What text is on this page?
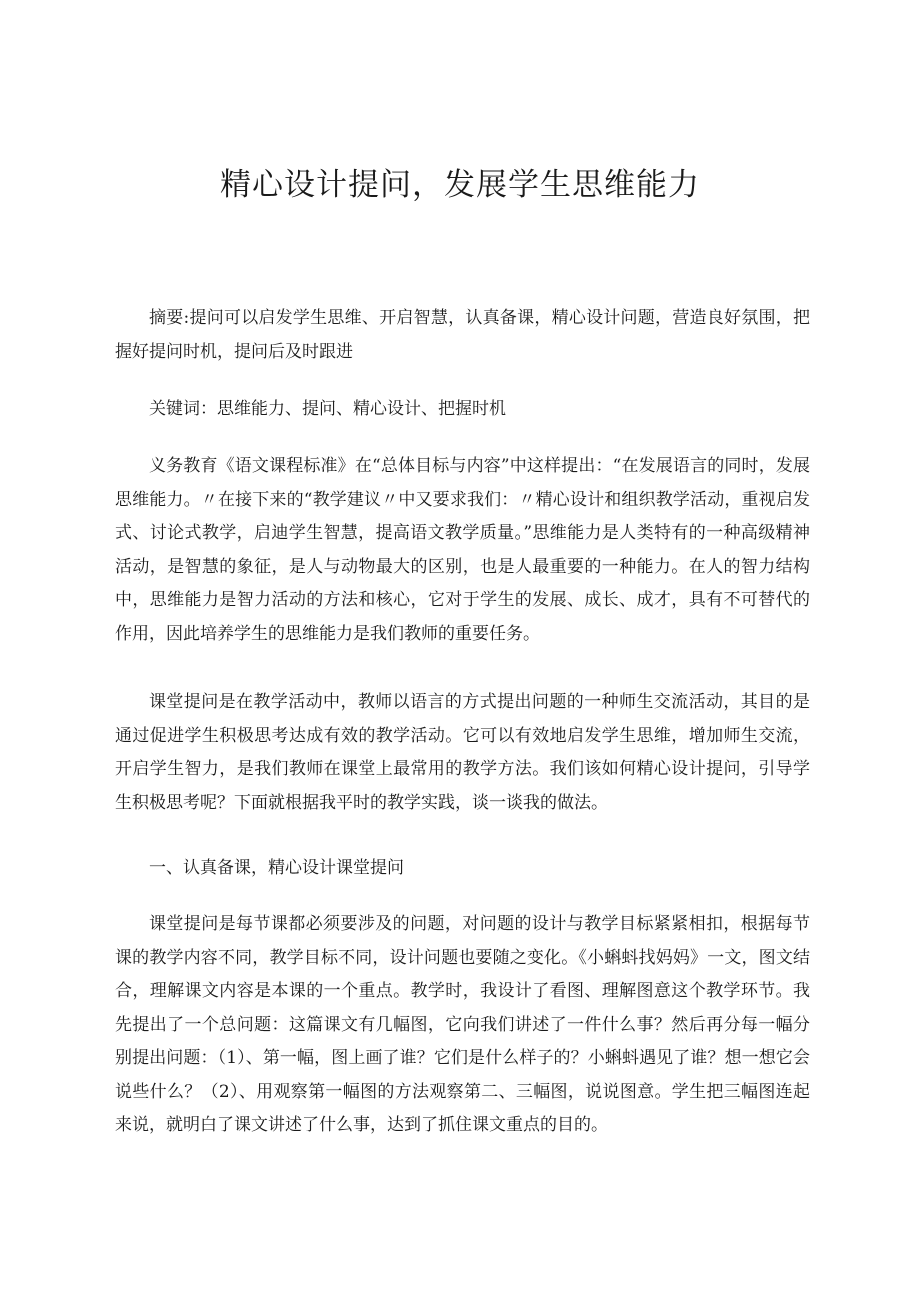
精心设计提问，发展学生思维能力

摘要:提问可以启发学生思维、开启智慧，认真备课，精心设计问题，营造良好氛围，把握好提问时机，提问后及时跟进

关键词：思维能力、提问、精心设计、把握时机

义务教育《语文课程标准》在“总体目标与内容”中这样提出：“在发展语言的同时，发展思维能力。〃在接下来的“教学建议〃中又要求我们：〃精心设计和组织教学活动，重视启发式、讨论式教学，启迪学生智慧，提高语文教学质量。”思维能力是人类特有的一种高级精神活动，是智慧的象征，是人与动物最大的区别，也是人最重要的一种能力。在人的智力结构中，思维能力是智力活动的方法和核心，它对于学生的发展、成长、成才，具有不可替代的作用，因此培养学生的思维能力是我们教师的重要任务。

课堂提问是在教学活动中，教师以语言的方式提出问题的一种师生交流活动，其目的是通过促进学生积极思考达成有效的教学活动。它可以有效地启发学生思维，增加师生交流，开启学生智力，是我们教师在课堂上最常用的教学方法。我们该如何精心设计提问，引导学生积极思考呢？下面就根据我平时的教学实践，谈一谈我的做法。

一、认真备课，精心设计课堂提问

课堂提问是每节课都必须要涉及的问题，对问题的设计与教学目标紧紧相扣，根据每节课的教学内容不同，教学目标不同，设计问题也要随之变化。《小蝌蚪找妈妈》一文，图文结合，理解课文内容是本课的一个重点。教学时，我设计了看图、理解图意这个教学环节。我先提出了一个总问题：这篇课文有几幅图，它向我们讲述了一件什么事？然后再分每一幅分别提出问题：（1）、第一幅，图上画了谁？它们是什么样子的？小蝌蚪遇见了谁？想一想它会说些什么？（2）、用观察第一幅图的方法观察第二、三幅图，说说图意。学生把三幅图连起来说，就明白了课文讲述了什么事，达到了抓住课文重点的目的。
